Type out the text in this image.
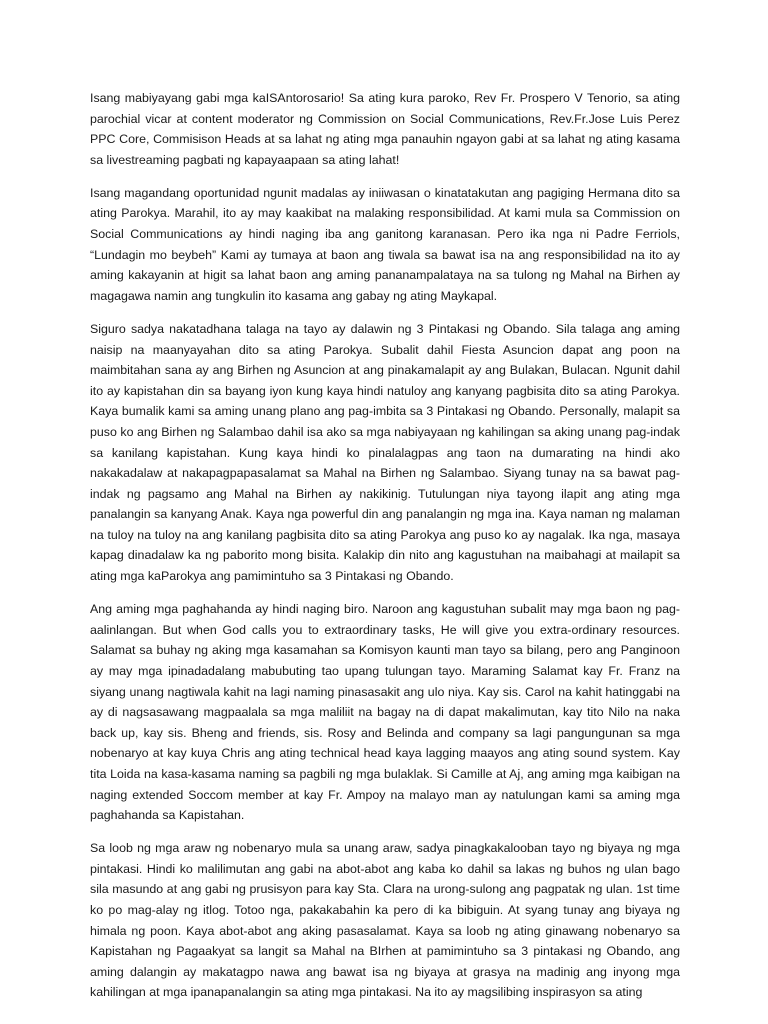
Isang mabiyayang gabi mga kaISAntorosario! Sa ating kura paroko, Rev Fr. Prospero V Tenorio, sa ating parochial vicar at content moderator ng Commission on Social Communications, Rev.Fr.Jose Luis Perez PPC Core, Commisison Heads at sa lahat ng ating mga panauhin ngayon gabi at sa lahat ng ating kasama sa livestreaming pagbati ng kapayaapaan sa ating lahat!

Isang magandang oportunidad ngunit madalas ay iniiwasan o kinatatakutan ang pagiging Hermana dito sa ating Parokya. Marahil, ito ay may kaakibat na malaking responsibilidad. At kami mula sa Commission on Social Communications ay hindi naging iba ang ganitong karanasan. Pero ika nga ni Padre Ferriols, “Lundagin mo beybeh” Kami ay tumaya at baon ang tiwala sa bawat isa na ang responsibilidad na ito ay aming kakayanin at higit sa lahat baon ang aming pananampalataya na sa tulong ng Mahal na Birhen ay magagawa namin ang tungkulin ito kasama ang gabay ng ating Maykapal.

Siguro sadya nakatadhana talaga na tayo ay dalawin ng 3 Pintakasi ng Obando. Sila talaga ang aming naisip na maanyayahan dito sa ating Parokya. Subalit dahil Fiesta Asuncion dapat ang poon na maimbitahan sana ay ang Birhen ng Asuncion at ang pinakamalapit ay ang Bulakan, Bulacan. Ngunit dahil ito ay kapistahan din sa bayang iyon kung kaya hindi natuloy ang kanyang pagbisita dito sa ating Parokya. Kaya bumalik kami sa aming unang plano ang pag-imbita sa 3 Pintakasi ng Obando. Personally, malapit sa puso ko ang Birhen ng Salambao dahil isa ako sa mga nabiyayaan ng kahilingan sa aking unang pag-indak sa kanilang kapistahan. Kung kaya hindi ko pinalalagpas ang taon na dumarating na hindi ako nakakadalaw at nakapagpapasalamat sa Mahal na Birhen ng Salambao. Siyang tunay na sa bawat pag-indak ng pagsamo ang Mahal na Birhen ay nakikinig. Tutulungan niya tayong ilapit ang ating mga panalangin sa kanyang Anak. Kaya nga powerful din ang panalangin ng mga ina. Kaya naman ng malaman na tuloy na tuloy na ang kanilang pagbisita dito sa ating Parokya ang puso ko ay nagalak. Ika nga, masaya kapag dinadalaw ka ng paborito mong bisita. Kalakip din nito ang kagustuhan na maibahagi at mailapit sa ating mga kaParokya ang pamimintuho sa 3 Pintakasi ng Obando.

Ang aming mga paghahanda ay hindi naging biro. Naroon ang kagustuhan subalit may mga baon ng pag-aalinlangan. But when God calls you to extraordinary tasks, He will give you extra-ordinary resources. Salamat sa buhay ng aking mga kasamahan sa Komisyon kaunti man tayo sa bilang, pero ang Panginoon ay may mga ipinadadalang mabubuting tao upang tulungan tayo. Maraming Salamat kay Fr. Franz na siyang unang nagtiwala kahit na lagi naming pinasasakit ang ulo niya. Kay sis. Carol na kahit hatinggabi na ay di nagsasawang magpaalala sa mga maliliit na bagay na di dapat makalimutan, kay tito Nilo na naka back up, kay sis. Bheng and friends, sis. Rosy and Belinda and company sa lagi pangungunan sa mga nobenaryo at kay kuya Chris ang ating technical head kaya lagging maayos ang ating sound system. Kay tita Loida na kasa-kasama naming sa pagbili ng mga bulaklak. Si Camille at Aj, ang aming mga kaibigan na naging extended Soccom member at kay Fr. Ampoy na malayo man ay natulungan kami sa aming mga paghahanda sa Kapistahan.

Sa loob ng mga araw ng nobenaryo mula sa unang araw, sadya pinagkakalooban tayo ng biyaya ng mga pintakasi. Hindi ko malilimutan ang gabi na abot-abot ang kaba ko dahil sa lakas ng buhos ng ulan bago sila masundo at ang gabi ng prusisyon para kay Sta. Clara na urong-sulong ang pagpatak ng ulan. 1st time ko po mag-alay ng itlog. Totoo nga, pakakabahin ka pero di ka bibiguin. At syang tunay ang biyaya ng himala ng poon. Kaya abot-abot ang aking pasasalamat. Kaya sa loob ng ating ginawang nobenaryo sa Kapistahan ng Pagaakyat sa langit sa Mahal na BIrhen at pamimintuho sa 3 pintakasi ng Obando, ang aming dalangin ay makatagpo nawa ang bawat isa ng biyaya at grasya na madinig ang inyong mga kahilingan at mga ipanapanalangin sa ating mga pintakasi. Na ito ay magsilibing inspirasyon sa ating
